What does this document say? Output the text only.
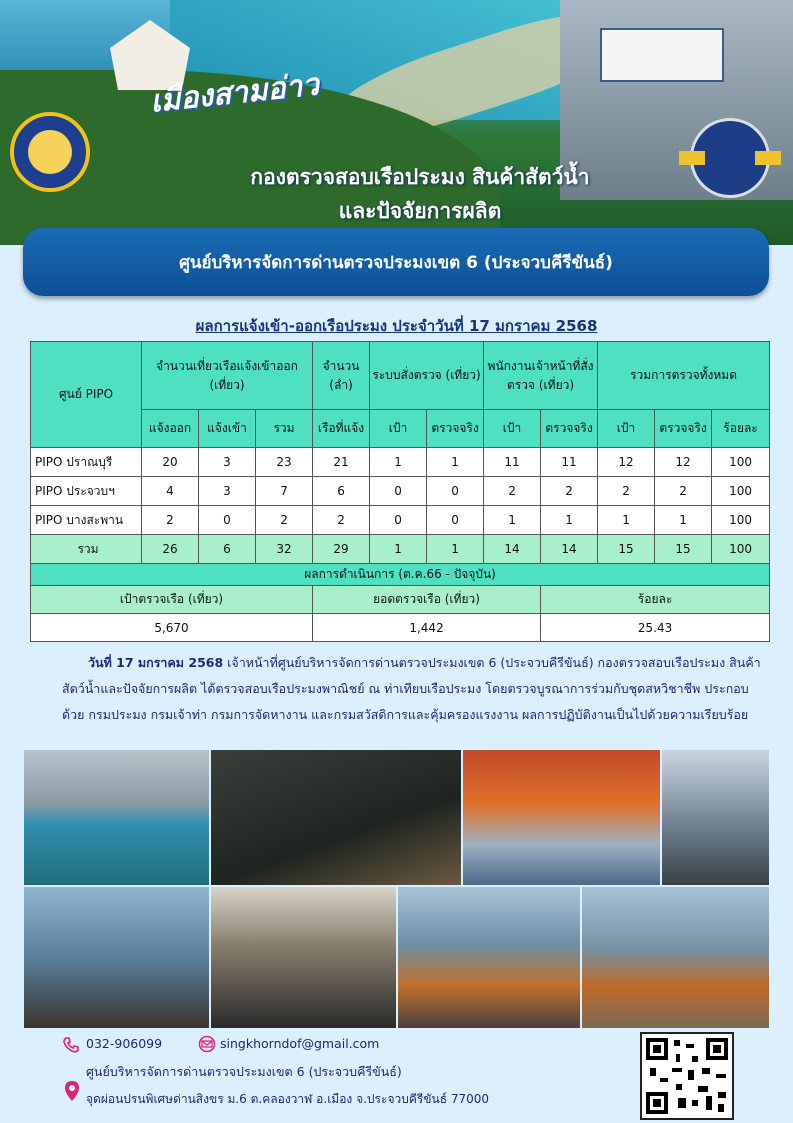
เมืองสามอ่าว
กองตรวจสอบเรือประมง สินค้าสัตว์น้ำ
และปัจจัยการผลิต
ศูนย์บริหารจัดการด่านตรวจประมงเขต 6 (ประจวบคีรีขันธ์)
ผลการแจ้งเข้า-ออกเรือประมง ประจำวันที่ 17 มกราคม 2568
ศูนย์ PIPO	จำนวนเที่ยวเรือแจ้งเข้าออก (เที่ยว)			จำนวน (ลำ)	ระบบสั่งตรวจ (เที่ยว)		พนักงานเจ้าหน้าที่สั่งตรวจ (เที่ยว)		รวมการตรวจทั้งหมด		
	แจ้งออก	แจ้งเข้า	รวม	เรือที่แจ้ง	เป้า	ตรวจจริง	เป้า	ตรวจจริง	เป้า	ตรวจจริง	ร้อยละ
PIPO ปราณบุรี	20	3	23	21	1	1	11	11	12	12	100
PIPO ประจวบฯ	4	3	7	6	0	0	2	2	2	2	100
PIPO บางสะพาน	2	0	2	2	0	0	1	1	1	1	100
รวม	26	6	32	29	1	1	14	14	15	15	100
ผลการดำเนินการ (ต.ค.66 - ปัจจุบัน)											
เป้าตรวจเรือ (เที่ยว)				ยอดตรวจเรือ (เที่ยว)				ร้อยละ			
5,670				1,442				25.43			
วันที่ 17 มกราคม 2568 เจ้าหน้าที่ศูนย์บริหารจัดการด่านตรวจประมงเขต 6 (ประจวบคีรีขันธ์) กองตรวจสอบเรือประมง สินค้าสัตว์น้ำและปัจจัยการผลิต ได้ตรวจสอบเรือประมงพาณิชย์ ณ ท่าเทียบเรือประมง โดยตรวจบูรณาการร่วมกับชุดสหวิชาชีพ ประกอบด้วย กรมประมง กรมเจ้าท่า กรมการจัดหางาน และกรมสวัสดิการและคุ้มครองแรงงาน ผลการปฏิบัติงานเป็นไปด้วยความเรียบร้อย
032-906099	singkhorndof@gmail.com
ศูนย์บริหารจัดการด่านตรวจประมงเขต 6 (ประจวบคีรีขันธ์)
จุดผ่อนปรนพิเศษด่านสิงขร ม.6 ต.คลองวาฬ อ.เมือง จ.ประจวบคีรีขันธ์ 77000
